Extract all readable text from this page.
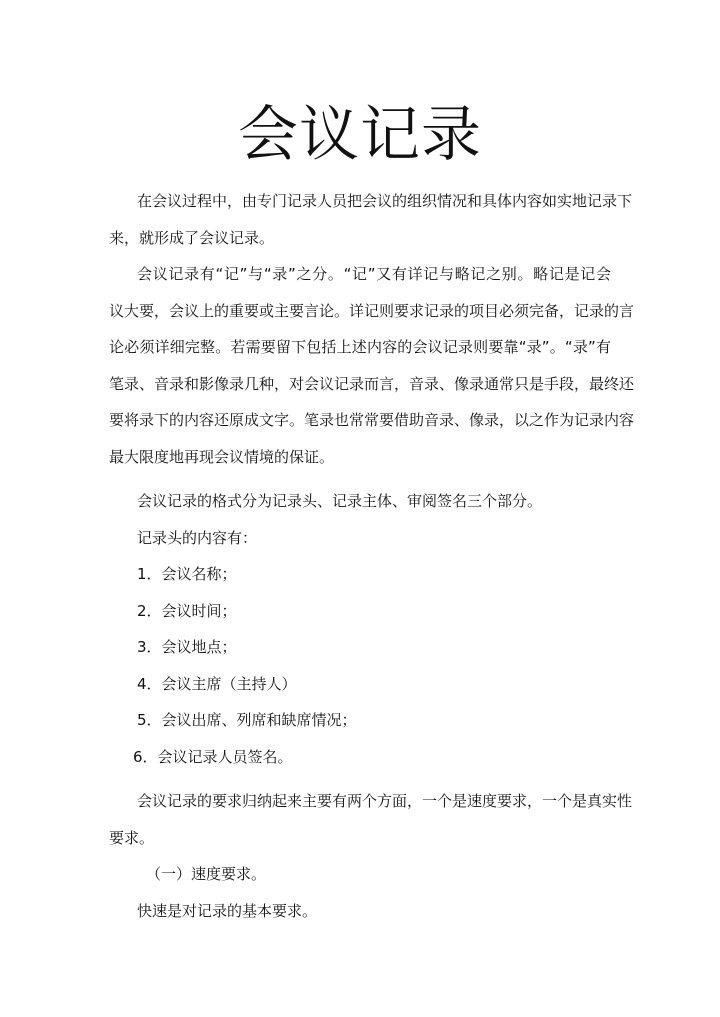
会议记录
在会议过程中，由专门记录人员把会议的组织情况和具体内容如实地记录下
来，就形成了会议记录。
会议记录有“记”与“录”之分。“记”又有详记与略记之别。略记是记会
议大要，会议上的重要或主要言论。详记则要求记录的项目必须完备，记录的言
论必须详细完整。若需要留下包括上述内容的会议记录则要靠“录”。“录”有
笔录、音录和影像录几种，对会议记录而言，音录、像录通常只是手段，最终还
要将录下的内容还原成文字。笔录也常常要借助音录、像录，以之作为记录内容
最大限度地再现会议情境的保证。
会议记录的格式分为记录头、记录主体、审阅签名三个部分。
记录头的内容有：
1．会议名称；
2．会议时间；
3．会议地点；
4．会议主席（主持人）
5．会议出席、列席和缺席情况；
6．会议记录人员签名。
会议记录的要求归纳起来主要有两个方面，一个是速度要求，一个是真实性
要求。
（一）速度要求。
快速是对记录的基本要求。
